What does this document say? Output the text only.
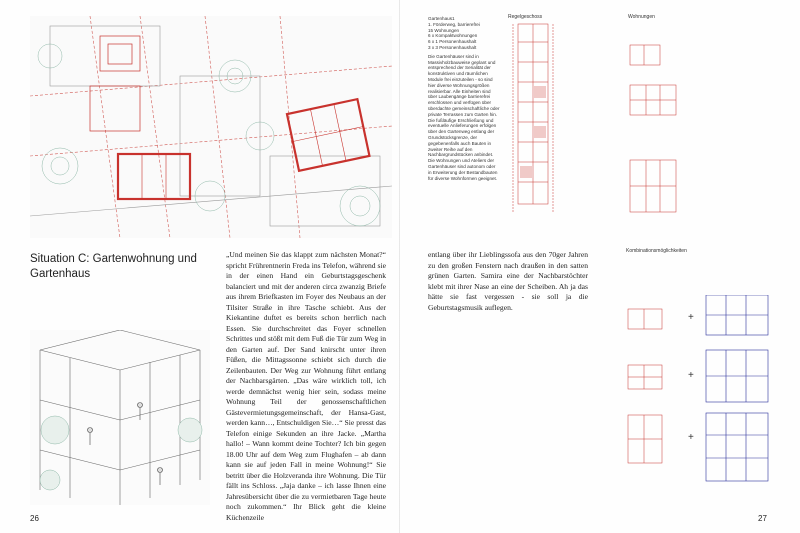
Situation C: Gartenwohnung und Gartenhaus
„Und meinen Sie das klappt zum nächsten Monat?“ spricht Frührentnerin Freda ins Telefon, während sie in der einen Hand ein Geburtstagsgeschenk balanciert und mit der anderen circa zwanzig Briefe aus ihrem Briefkasten im Foyer des Neubaus an der Tilsiter Straße in ihre Tasche schiebt. Aus der Kiekantine duftet es bereits schon herrlich nach Essen. Sie durchschreitet das Foyer schnellen Schrittes und stößt mit dem Fuß die Tür zum Weg in den Garten auf. Der Sand knirscht unter ihren Füßen, die Mittagssonne schiebt sich durch die Zeilenbauten. Der Weg zur Wohnung führt entlang der Nachbarsgärten. „Das wäre wirklich toll, ich werde demnächst wenig hier sein, sodass meine Wohnung Teil der genossenschaftlichen Gästevermietungsgemeinschaft, der Hansa-Gast, werden kann…, Entschuldigen Sie…“ Sie presst das Telefon einige Sekunden an ihre Jacke. „Martha hallo! – Wann kommt deine Tochter? Ich bin gegen 18.00 Uhr auf dem Weg zum Flughafen – ab dann kann sie auf jeden Fall in meine Wohnung!“ Sie betritt über die Holzveranda ihre Wohnung. Die Tür fällt ins Schloss. „Jaja danke – ich lasse Ihnen eine Jahresübersicht über die zu vermietbaren Tage heute noch zukommen.“ Ihr Blick geht die kleine Küchenzeile
26	27

Gartenhaus1
1. Förderweg, barrierefrei
15 Wohnungen
6 x Kompaktwohnungen
6 x 1 Personenhaushalt
3 x 3 Personenhaushalt

Die Gartenhäuser sind in Massivholzbauweise geplant und entsprechend der Serialität der konstruktiven und räumlichen Module frei einzuteilen - so sind hier diverse Wohnungsgrößen realisierbar. Alle Einheiten sind über Laubengänge barrierefrei erschlossen und verfügen über überdachte gemeinschaftliche oder private Terrassen zum Garten hin. Die fußläufige Erschließung und eventuelle Anlieferungen erfolgen über den Gartenweg entlang der Grundstücksgrenze, der gegebenenfalls auch Bauten in zweiter Reihe auf den Nachbargrundstücken anbindet. Die Wohnungen und Ateliers der Gartenhäuser sind autonom oder in Erweiterung der Bestandbauten für diverse Wohnformen geeignet.

Regelgeschoss	Wohnungen
Kombinationsmöglichkeiten
+
+
+
entlang über ihr Lieblingssofa aus den 70ger Jahren zu den großen Fenstern nach draußen in den satten grünen Garten. Samira eine der Nachbarstöchter klebt mit ihrer Nase an eine der Scheiben. Ah ja das hätte sie fast vergessen - sie soll ja die Geburtstagsmusik auflegen.
